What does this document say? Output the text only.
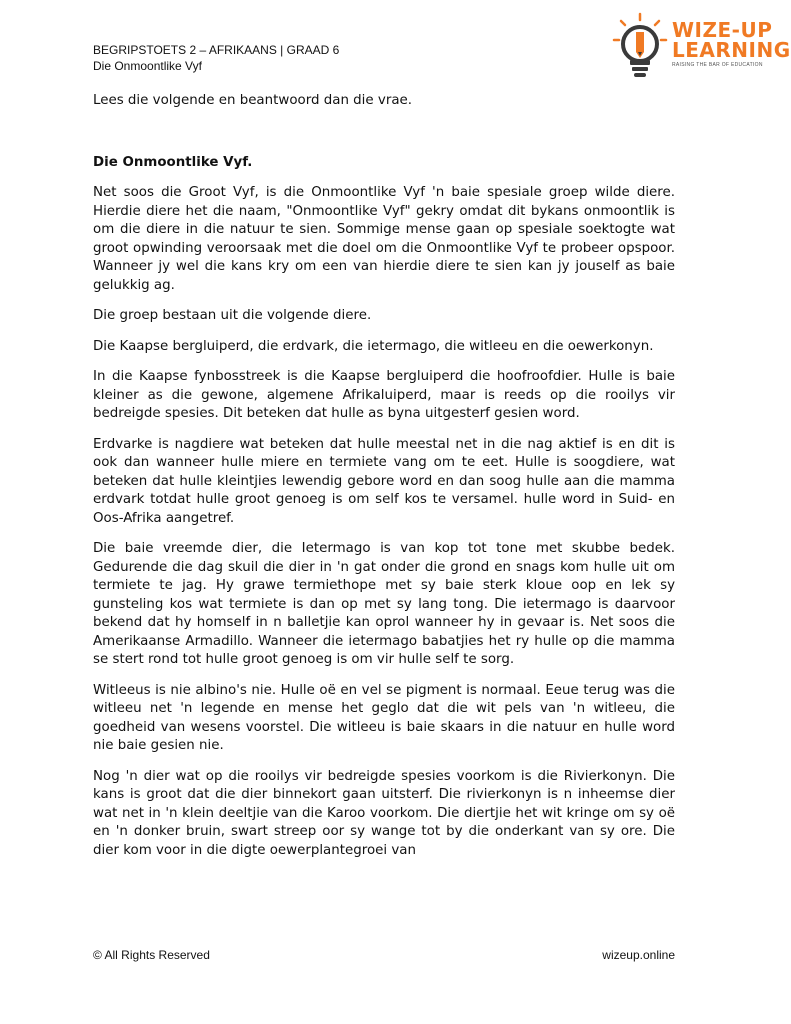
BEGRIPSTOETS 2 – AFRIKAANS | GRAAD 6
Die Onmoontlike Vyf
WIZE-UP
LEARNING
RAISING THE BAR OF EDUCATION

Lees die volgende en beantwoord dan die vrae.

Die Onmoontlike Vyf.

Net soos die Groot Vyf, is die Onmoontlike Vyf 'n baie spesiale groep wilde diere. Hierdie diere het die naam, "Onmoontlike Vyf" gekry omdat dit bykans onmoontlik is om die diere in die natuur te sien. Sommige mense gaan op spesiale soektogte wat groot opwinding veroorsaak met die doel om die Onmoontlike Vyf te probeer opspoor. Wanneer jy wel die kans kry om een van hierdie diere te sien kan jy jouself as baie gelukkig ag.

Die groep bestaan uit die volgende diere.

Die Kaapse bergluiperd, die erdvark, die ietermago, die witleeu en die oewerkonyn.

In die Kaapse fynbosstreek is die Kaapse bergluiperd die hoofroofdier. Hulle is baie kleiner as die gewone, algemene Afrikaluiperd, maar is reeds op die rooilys vir bedreigde spesies. Dit beteken dat hulle as byna uitgesterf gesien word.

Erdvarke is nagdiere wat beteken dat hulle meestal net in die nag aktief is en dit is ook dan wanneer hulle miere en termiete vang om te eet. Hulle is soogdiere, wat beteken dat hulle kleintjies lewendig gebore word en dan soog hulle aan die mamma erdvark totdat hulle groot genoeg is om self kos te versamel. hulle word in Suid- en Oos-Afrika aangetref.

Die baie vreemde dier, die Ietermago is van kop tot tone met skubbe bedek. Gedurende die dag skuil die dier in 'n gat onder die grond en snags kom hulle uit om termiete te jag. Hy grawe termiethope met sy baie sterk kloue oop en lek sy gunsteling kos wat termiete is dan op met sy lang tong. Die ietermago is daarvoor bekend dat hy homself in n balletjie kan oprol wanneer hy in gevaar is. Net soos die Amerikaanse Armadillo. Wanneer die ietermago babatjies het ry hulle op die mamma se stert rond tot hulle groot genoeg is om vir hulle self te sorg.

Witleeus is nie albino's nie. Hulle oë en vel se pigment is normaal. Eeue terug was die witleeu net 'n legende en mense het geglo dat die wit pels van 'n witleeu, die goedheid van wesens voorstel. Die witleeu is baie skaars in die natuur en hulle word nie baie gesien nie.

Nog 'n dier wat op die rooilys vir bedreigde spesies voorkom is die Rivierkonyn. Die kans is groot dat die dier binnekort gaan uitsterf. Die rivierkonyn is n inheemse dier wat net in 'n klein deeltjie van die Karoo voorkom. Die diertjie het wit kringe om sy oë en 'n donker bruin, swart streep oor sy wange tot by die onderkant van sy ore. Die dier kom voor in die digte oewerplantegroei van

© All Rights Reserved	wizeup.online
